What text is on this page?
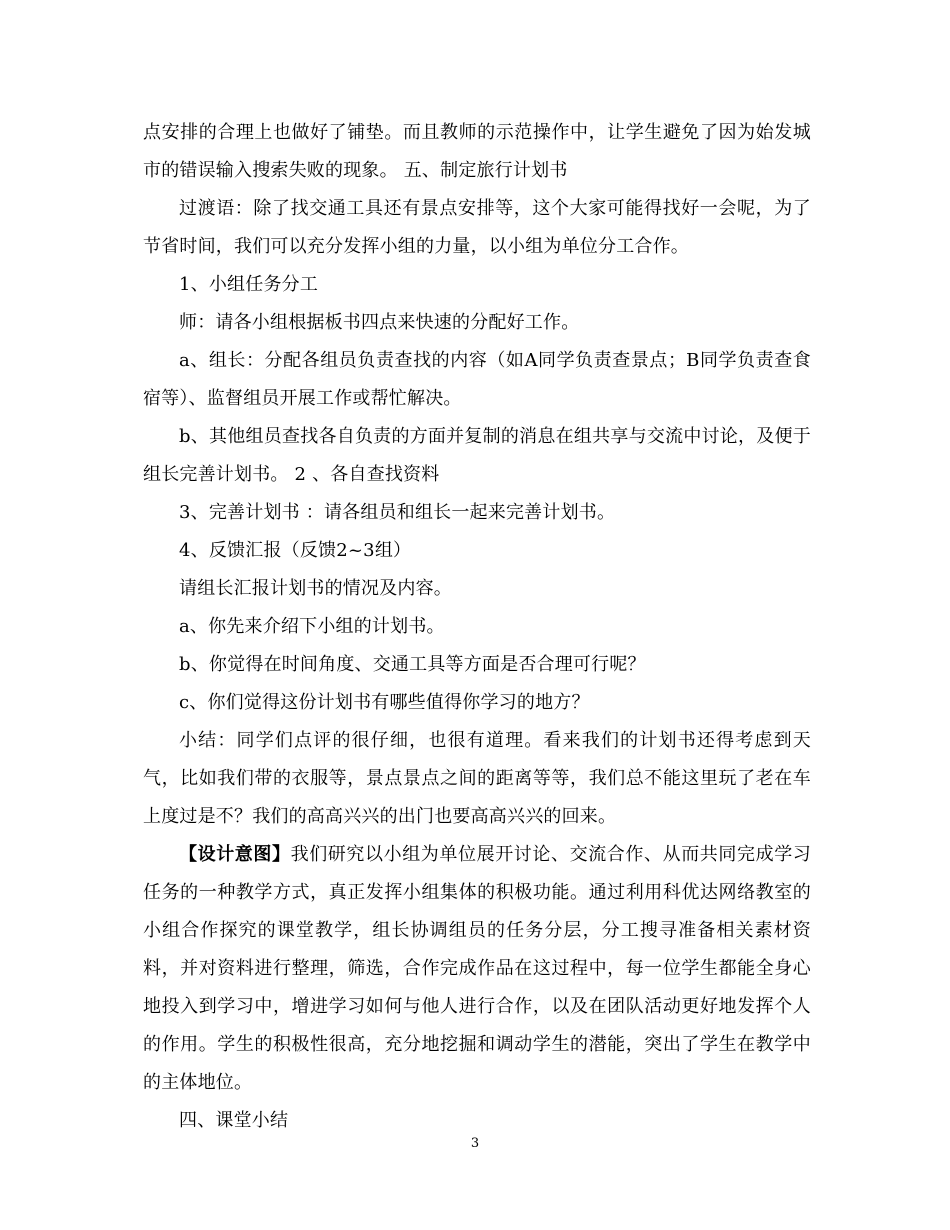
点安排的合理上也做好了铺垫。而且教师的示范操作中，让学生避免了因为始发城市的错误输入搜索失败的现象。 五、制定旅行计划书

过渡语：除了找交通工具还有景点安排等，这个大家可能得找好一会呢，为了节省时间，我们可以充分发挥小组的力量，以小组为单位分工合作。

1、小组任务分工

师：请各小组根据板书四点来快速的分配好工作。

a、组长：分配各组员负责查找的内容（如A同学负责查景点；B同学负责查食宿等）、监督组员开展工作或帮忙解决。

b、其他组员查找各自负责的方面并复制的消息在组共享与交流中讨论，及便于组长完善计划书。 2 、各自查找资料

3、完善计划书 ：请各组员和组长一起来完善计划书。

4、反馈汇报（反馈2~3组）

请组长汇报计划书的情况及内容。

a、你先来介绍下小组的计划书。

b、你觉得在时间角度、交通工具等方面是否合理可行呢？

c、你们觉得这份计划书有哪些值得你学习的地方？

小结：同学们点评的很仔细，也很有道理。看来我们的计划书还得考虑到天气，比如我们带的衣服等，景点景点之间的距离等等，我们总不能这里玩了老在车上度过是不？我们的高高兴兴的出门也要高高兴兴的回来。

【设计意图】我们研究以小组为单位展开讨论、交流合作、从而共同完成学习任务的一种教学方式，真正发挥小组集体的积极功能。通过利用科优达网络教室的小组合作探究的课堂教学，组长协调组员的任务分层，分工搜寻准备相关素材资料，并对资料进行整理，筛选，合作完成作品在这过程中，每一位学生都能全身心地投入到学习中，增进学习如何与他人进行合作，以及在团队活动更好地发挥个人的作用。学生的积极性很高，充分地挖掘和调动学生的潜能，突出了学生在教学中的主体地位。

四、课堂小结

3
